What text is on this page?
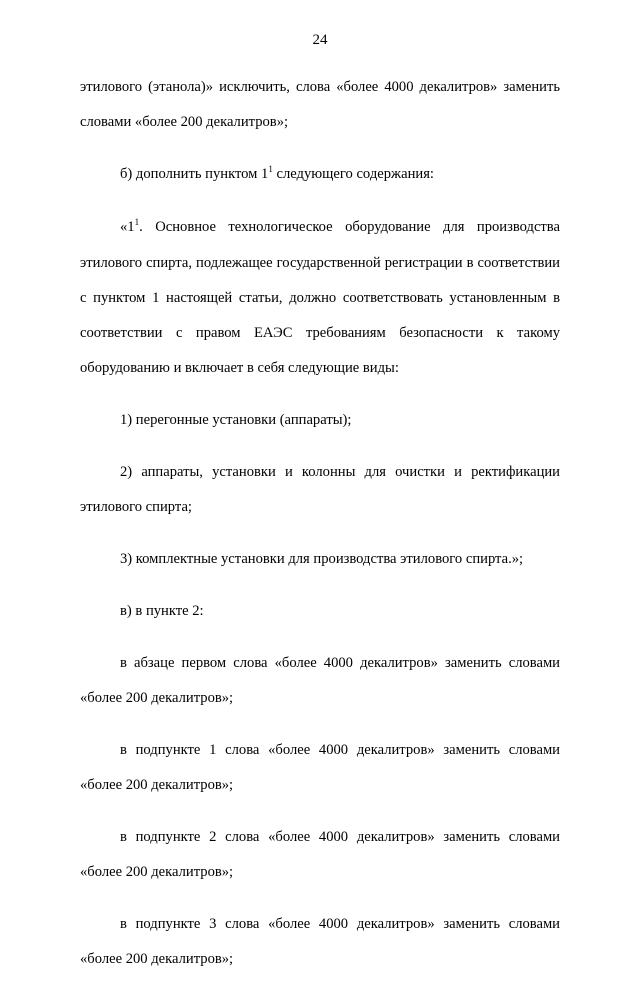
24

этилового (этанола)» исключить, слова «более 4000 декалитров» заменить словами «более 200 декалитров»;

б) дополнить пунктом $1^1$ следующего содержания:

«$1^1$. Основное технологическое оборудование для производства этилового спирта, подлежащее государственной регистрации в соответствии с пунктом 1 настоящей статьи, должно соответствовать установленным в соответствии с правом ЕАЭС требованиям безопасности к такому оборудованию и включает в себя следующие виды:

1) перегонные установки (аппараты);

2) аппараты, установки и колонны для очистки и ректификации этилового спирта;

3) комплектные установки для производства этилового спирта.»;

в) в пункте 2:

в абзаце первом слова «более 4000 декалитров» заменить словами «более 200 декалитров»;

в подпункте 1 слова «более 4000 декалитров» заменить словами «более 200 декалитров»;

в подпункте 2 слова «более 4000 декалитров» заменить словами «более 200 декалитров»;

в подпункте 3 слова «более 4000 декалитров» заменить словами «более 200 декалитров»;
